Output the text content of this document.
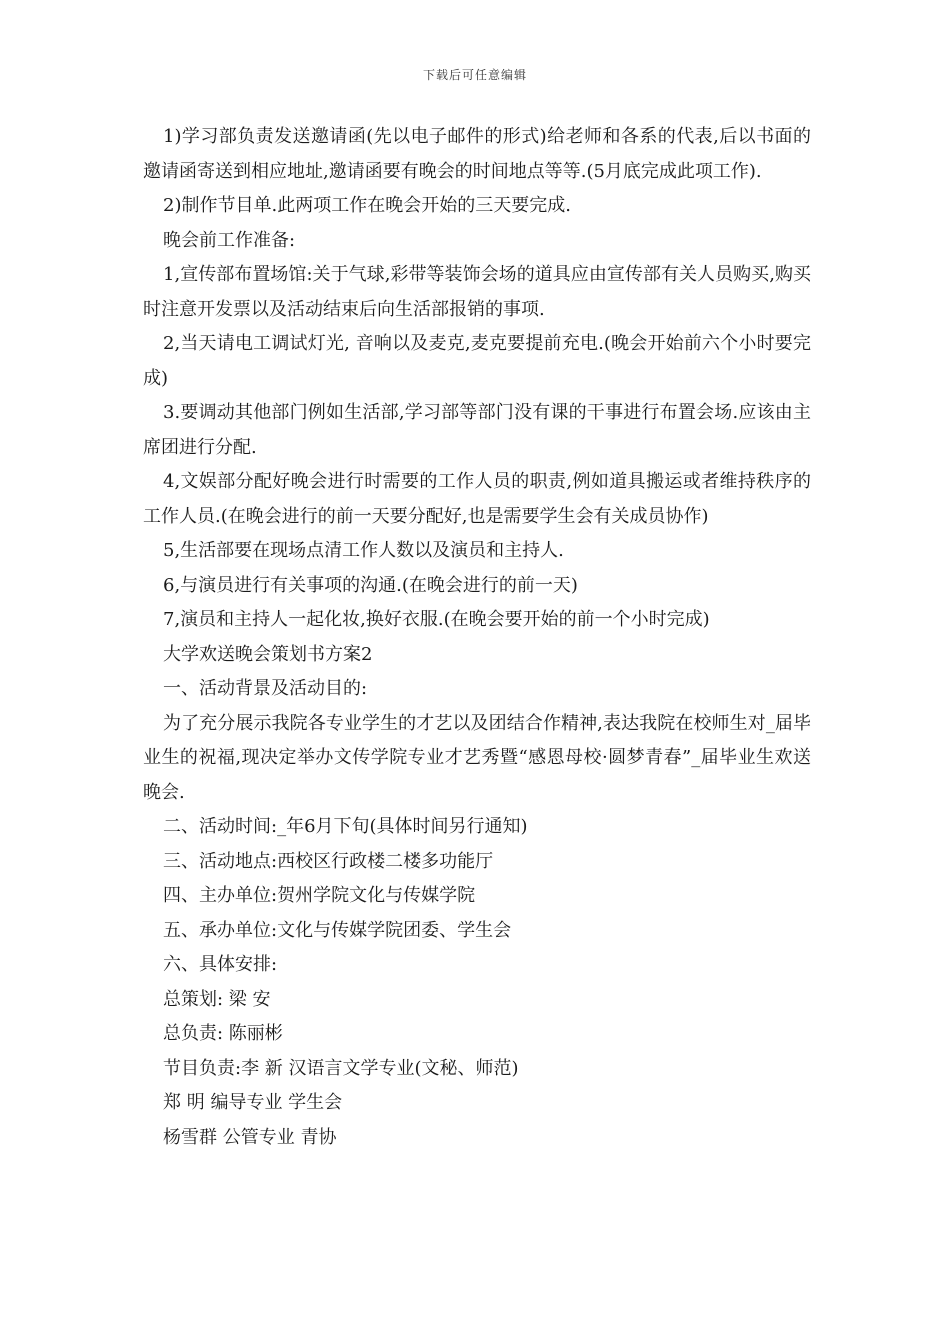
下载后可任意编辑

1)学习部负责发送邀请函(先以电子邮件的形式)给老师和各系的代表,后以书面的邀请函寄送到相应地址,邀请函要有晚会的时间地点等等.(5月底完成此项工作).

2)制作节目单.此两项工作在晚会开始的三天要完成.

晚会前工作准备:

1,宣传部布置场馆:关于气球,彩带等装饰会场的道具应由宣传部有关人员购买,购买时注意开发票以及活动结束后向生活部报销的事项.

2,当天请电工调试灯光, 音响以及麦克,麦克要提前充电.(晚会开始前六个小时要完成)

3.要调动其他部门例如生活部,学习部等部门没有课的干事进行布置会场.应该由主席团进行分配.

4,文娱部分配好晚会进行时需要的工作人员的职责,例如道具搬运或者维持秩序的工作人员.(在晚会进行的前一天要分配好,也是需要学生会有关成员协作)

5,生活部要在现场点清工作人数以及演员和主持人.

6,与演员进行有关事项的沟通.(在晚会进行的前一天)

7,演员和主持人一起化妆,换好衣服.(在晚会要开始的前一个小时完成)

大学欢送晚会策划书方案2

一、活动背景及活动目的:

为了充分展示我院各专业学生的才艺以及团结合作精神,表达我院在校师生对_届毕业生的祝福,现决定举办文传学院专业才艺秀暨“感恩母校·圆梦青春”_届毕业生欢送晚会.

二、活动时间:_年6月下旬(具体时间另行通知)

三、活动地点:西校区行政楼二楼多功能厅

四、主办单位:贺州学院文化与传媒学院

五、承办单位:文化与传媒学院团委、学生会

六、具体安排:

总策划: 梁 安

总负责: 陈丽彬

节目负责:李 新 汉语言文学专业(文秘、师范)

郑 明 编导专业 学生会

杨雪群 公管专业 青协
